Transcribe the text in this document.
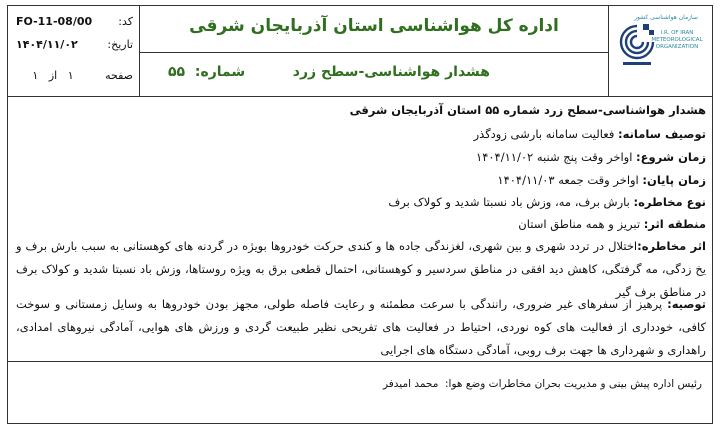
کد:
FO-11-08/00
تاریخ:
۱۴۰۴/۱۱/۰۲
صفحه
۱   از   ۱
اداره کل هواشناسی استان آذربایجان شرقی
هشدار هواشناسی-سطح زرد
شماره:  ۵۵
سازمان هواشناسی کشور
I.R. OF IRAN METEOROLOGICAL ORGANIZATION
هشدار هواشناسی-سطح زرد شماره ۵۵ استان آذربایجان شرقی
توصیف سامانه: فعالیت سامانه بارشی زودگذر
زمان شروع: اواخر وقت پنج شنبه ۱۴۰۴/۱۱/۰۲
زمان پایان: اواخر وقت جمعه ۱۴۰۴/۱۱/۰۳
نوع مخاطره: بارش برف، مه، وزش باد نسبتا شدید و کولاک برف
منطقه اثر: تبریز و همه مناطق استان
اثر مخاطره:اختلال در تردد شهری و بین شهری، لغزندگی جاده ها و کندی حرکت خودروها بویژه در گردنه های کوهستانی به سبب بارش برف و یخ زدگی، مه گرفتگی، کاهش دید افقی در مناطق سردسیر و کوهستانی، احتمال قطعی برق به ویژه روستاها، وزش باد نسبتا شدید و کولاک برف در مناطق برف گیر
توصیه: پرهیز از سفرهای غیر ضروری، رانندگی با سرعت مطمئنه و رعایت فاصله طولی، مجهز بودن خودروها به وسایل زمستانی و سوخت کافی، خودداری از فعالیت های کوه نوردی، احتیاط در فعالیت های تفریحی نظیر طبیعت گردی و ورزش های هوایی، آمادگی نیروهای امدادی، راهداری و شهرداری ها جهت برف روبی، آمادگی دستگاه های اجرایی
رئیس اداره پیش بینی و مدیریت بحران مخاطرات وضع هوا:  محمد امیدفر
